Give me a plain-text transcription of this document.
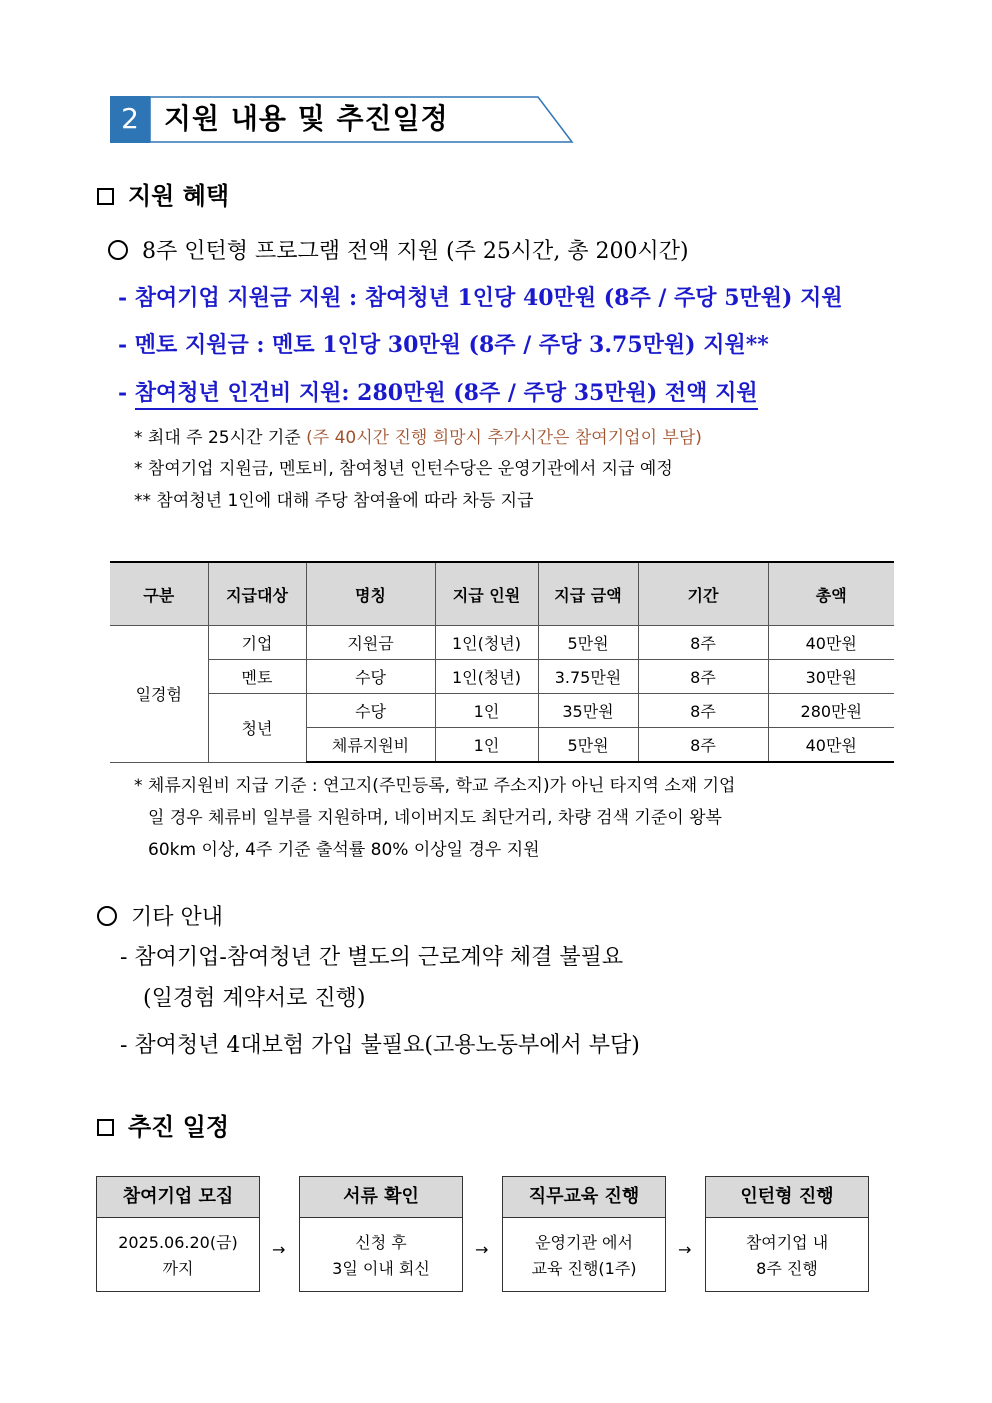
2 지원 내용 및 추진일정
지원 혜택
8주 인턴형 프로그램 전액 지원 (주 25시간, 총 200시간)
- 참여기업 지원금 지원 : 참여청년 1인당 40만원 (8주 / 주당 5만원) 지원
- 멘토 지원금 : 멘토 1인당 30만원 (8주 / 주당 3.75만원) 지원**
- 참여청년 인건비 지원: 280만원 (8주 / 주당 35만원) 전액 지원
* 최대 주 25시간 기준 (주 40시간 진행 희망시 추가시간은 참여기업이 부담)
* 참여기업 지원금, 멘토비, 참여청년 인턴수당은 운영기관에서 지급 예정
** 참여청년 1인에 대해 주당 참여율에 따라 차등 지급
구분	지급대상	명칭	지급 인원	지급 금액	기간	총액
일경험	기업	지원금	1인(청년)	5만원	8주	40만원
	멘토	수당	1인(청년)	3.75만원	8주	30만원
	청년	수당	1인	35만원	8주	280만원
		체류지원비	1인	5만원	8주	40만원
* 체류지원비 지급 기준 : 연고지(주민등록, 학교 주소지)가 아닌 타지역 소재 기업
일 경우 체류비 일부를 지원하며, 네이버지도 최단거리, 차량 검색 기준이 왕복
60km 이상, 4주 기준 출석률 80% 이상일 경우 지원
기타 안내
- 참여기업-참여청년 간 별도의 근로계약 체결 불필요
(일경험 계약서로 진행)
- 참여청년 4대보험 가입 불필요(고용노동부에서 부담)
추진 일정
참여기업 모집
2025.06.20(금)
까지
→
서류 확인
신청 후
3일 이내 회신
→
직무교육 진행
운영기관 에서
교육 진행(1주)
→
인턴형 진행
참여기업 내
8주 진행
